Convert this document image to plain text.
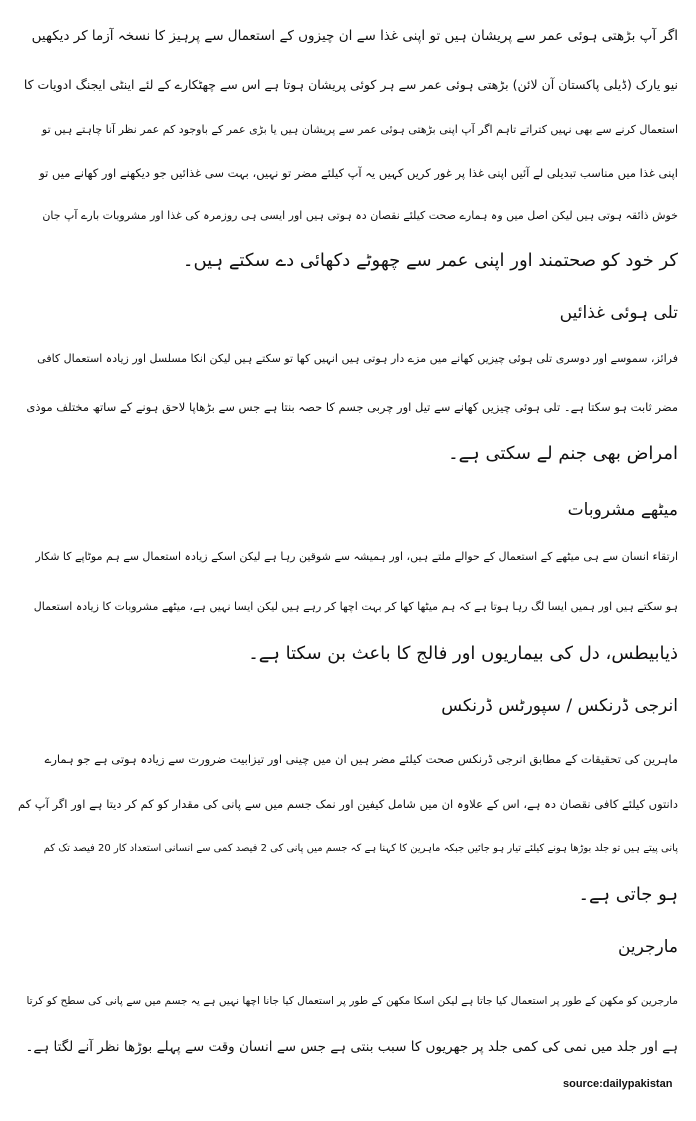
اگر آپ بڑھتی ہوئی عمر سے پریشان ہیں تو اپنی غذا سے ان چیزوں کے استعمال سے پرہیز کا نسخہ آزما کر دیکھیں
نیو یارک (ڈیلی پاکستان آن لائن) بڑھتی ہوئی عمر سے ہر کوئی پریشان ہوتا ہے اس سے چھٹکارے کے لئے اینٹی ایجنگ ادویات کا
استعمال کرنے سے بھی نہیں کتراتے تاہم اگر آپ اپنی بڑھتی ہوئی عمر سے پریشان ہیں یا بڑی عمر کے باوجود کم عمر نظر آنا چاہتے ہیں تو
اپنی غذا میں مناسب تبدیلی لے آئیں اپنی غذا پر غور کریں کہیں یہ آپ کیلئے مضر تو نہیں، بہت سی غذائیں جو دیکھنے اور کھانے میں تو
خوش ذائقہ ہوتی ہیں لیکن اصل میں وہ ہمارے صحت کیلئے نقصان دہ ہوتی ہیں اور ایسی ہی روزمرہ کی غذا اور مشروبات بارے آپ جان
کر خود کو صحتمند اور اپنی عمر سے چھوٹے دکھائی دے سکتے ہیں۔
تلی ہوئی غذائیں
فرائز، سموسے اور دوسری تلی ہوئی چیزیں کھانے میں مزے دار ہوتی ہیں انہیں کھا تو سکتے ہیں لیکن انکا مسلسل اور زیادہ استعمال کافی
مضر ثابت ہو سکتا ہے۔ تلی ہوئی چیزیں کھانے سے تیل اور چربی جسم کا حصہ بنتا ہے جس سے بڑھاپا لاحق ہونے کے ساتھ مختلف موذی
امراض بھی جنم لے سکتی ہے۔
میٹھے مشروبات
ارتقاء انسان سے ہی میٹھے کے استعمال کے حوالے ملتے ہیں، اور ہمیشہ سے شوقین رہا ہے لیکن اسکے زیادہ استعمال سے ہم موٹاپے کا شکار
ہو سکتے ہیں اور ہمیں ایسا لگ رہا ہوتا ہے کہ ہم میٹھا کھا کر بہت اچھا کر رہے ہیں لیکن ایسا نہیں ہے، میٹھے مشروبات کا زیادہ استعمال
ذیابیطس، دل کی بیماریوں اور فالج کا باعث بن سکتا ہے۔
انرجی ڈرنکس / سپورٹس ڈرنکس
ماہرین کی تحقیقات کے مطابق انرجی ڈرنکس صحت کیلئے مضر ہیں ان میں چینی اور تیزابیت ضرورت سے زیادہ ہوتی ہے جو ہمارے
دانتوں کیلئے کافی نقصان دہ ہے، اس کے علاوہ ان میں شامل کیفین اور نمک جسم میں سے پانی کی مقدار کو کم کر دیتا ہے اور اگر آپ کم
پانی پیتے ہیں تو جلد بوڑھا ہونے کیلئے تیار ہو جائیں جبکہ ماہرین کا کہنا ہے کہ جسم میں پانی کی 2 فیصد کمی سے انسانی استعداد کار 20 فیصد تک کم
ہو جاتی ہے۔
مارجرین
مارجرین کو مکھن کے طور پر استعمال کیا جاتا ہے لیکن اسکا مکھن کے طور پر استعمال کیا جانا اچھا نہیں ہے یہ جسم میں سے پانی کی سطح کو کرتا
ہے اور جلد میں نمی کی کمی جلد پر جھریوں کا سبب بنتی ہے جس سے انسان وقت سے پہلے بوڑھا نظر آنے لگتا ہے۔
source:dailypakistan
